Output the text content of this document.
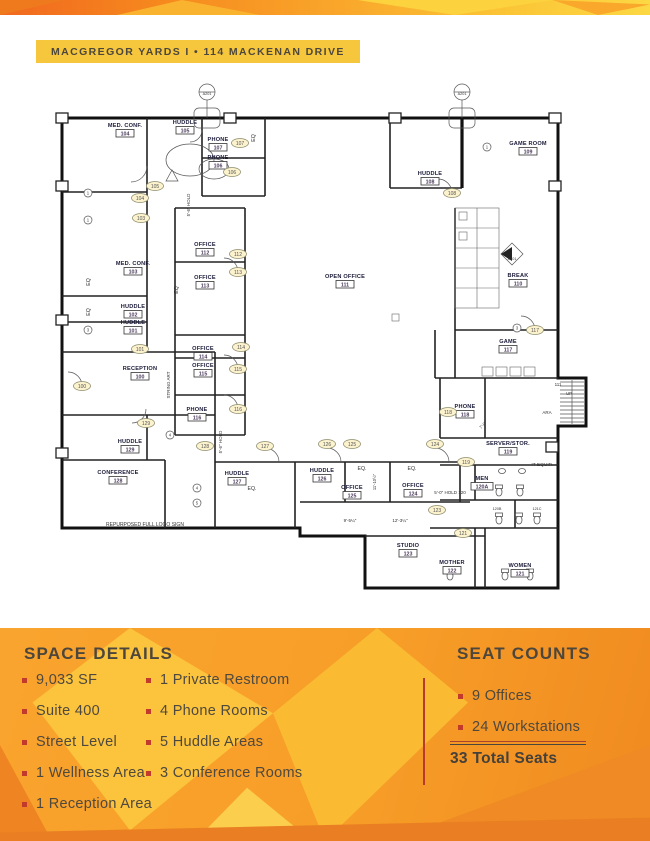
MACGREGOR YARDS I • 114 MACKENAN DRIVE
MED. CONF.
104
HUDDLE
105
PHONE
107
PHONE
106
HUDDLE
108
GAME ROOM
109
MED. CONF.
103
HUDDLE
102
HUDDLE
101
RECEPTION
100
OFFICE
112
OFFICE
113
OPEN OFFICE
111
BREAK
110
GAME
117
OFFICE
114
OFFICE
115
PHONE
116
HUDDLE
129
CONFERENCE
128
HUDDLE
127
HUDDLE
126
OFFICE
125
OFFICE
124
PHONE
118
SERVER/STOR.
119
MEN
120A
STUDIO
123
MOTHER
122
WOMEN
121
100
101
103
104
105
106
107
108
112
113
114
115
116
117
118
119
121
123
124
125
126
127
128
129
1
1
3
4
4
5
1
3
EQ
EQ
EQ
EQ
EQ.
EQ.	EQ.
5'-6" HOLD
5'-6" HOLD
5'-0" HOLD 120
STRING ART
REPURPOSED FULL LOGO SIGN
IT EQUIP.
ARA
UP
111
9'-5¼"	12'-3¼"
11'-10½"
7'-0"
A201	A201
A301
120B	121C
SPACE DETAILS
9,033 SF
Suite 400
Street Level
1 Wellness Area
1 Reception Area
1 Private Restroom
4 Phone Rooms
5 Huddle Areas
3 Conference Rooms
SEAT COUNTS
9 Offices
24 Workstations
33 Total Seats
